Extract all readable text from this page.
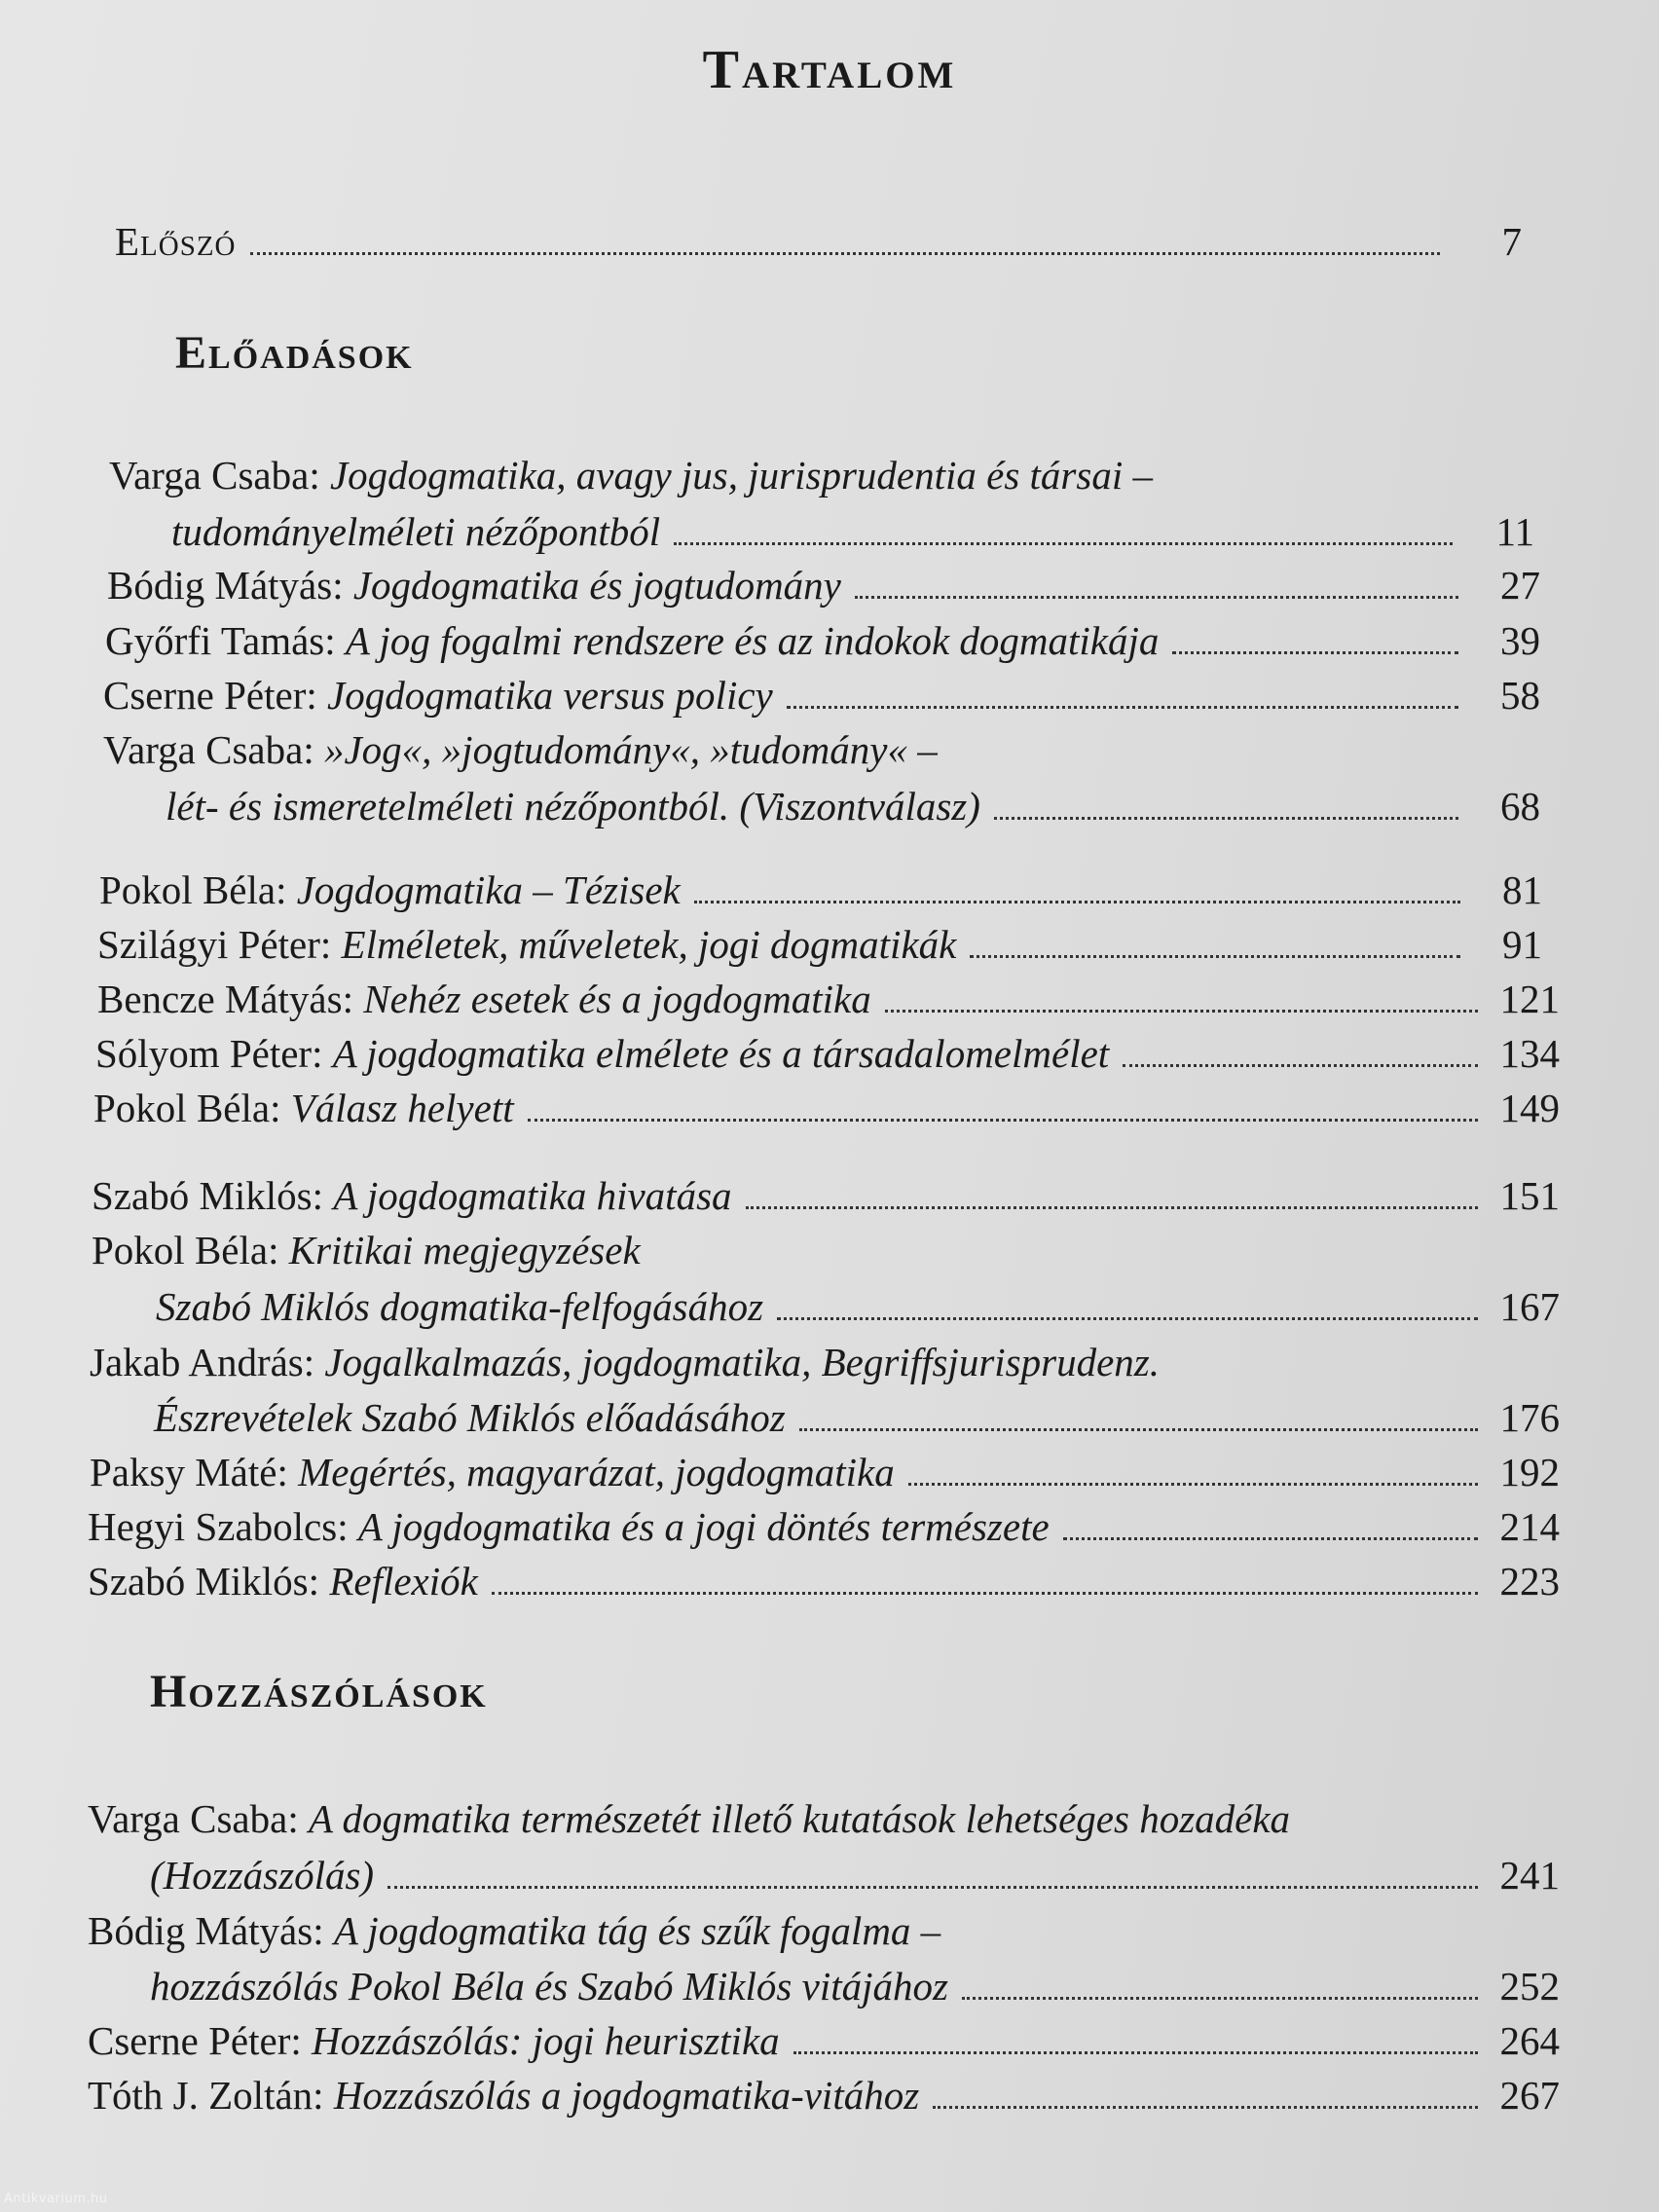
Tartalom
Előszó	7
Előadások
Varga Csaba: Jogdogmatika, avagy jus, jurisprudentia és társai –
tudományelméleti nézőpontból	11
Bódig Mátyás : Jogdogmatika és jogtudomány	27
Győrfi Tamás : A jog fogalmi rendszere és az indokok dogmatikája	39
Cserne Péter : Jogdogmatika versus policy	58
Varga Csaba: »Jog«, »jogtudomány«, »tudomány« –
lét- és ismeretelméleti nézőpontból. (Viszontválasz)	68
Pokol Béla : Jogdogmatika – Tézisek	81
Szilágyi Péter : Elméletek, műveletek, jogi dogmatikák	91
Bencze Mátyás : Nehéz esetek és a jogdogmatika	121
Sólyom Péter : A jogdogmatika elmélete és a társadalomelmélet	134
Pokol Béla : Válasz helyett	149
Szabó Miklós : A jogdogmatika hivatása	151
Pokol Béla: Kritikai megjegyzések
Szabó Miklós dogmatika-felfogásához	167
Jakab András: Jogalkalmazás, jogdogmatika, Begriffsjurisprudenz.
Észrevételek Szabó Miklós előadásához	176
Paksy Máté : Megértés, magyarázat, jogdogmatika	192
Hegyi Szabolcs : A jogdogmatika és a jogi döntés természete	214
Szabó Miklós : Reflexiók	223
Hozzászólások
Varga Csaba: A dogmatika természetét illető kutatások lehetséges hozadéka
(Hozzászólás)	241
Bódig Mátyás: A jogdogmatika tág és szűk fogalma –
hozzászólás Pokol Béla és Szabó Miklós vitájához	252
Cserne Péter : Hozzászólás: jogi heurisztika	264
Tóth J. Zoltán : Hozzászólás a jogdogmatika-vitához	267
Antikvarium.hu
